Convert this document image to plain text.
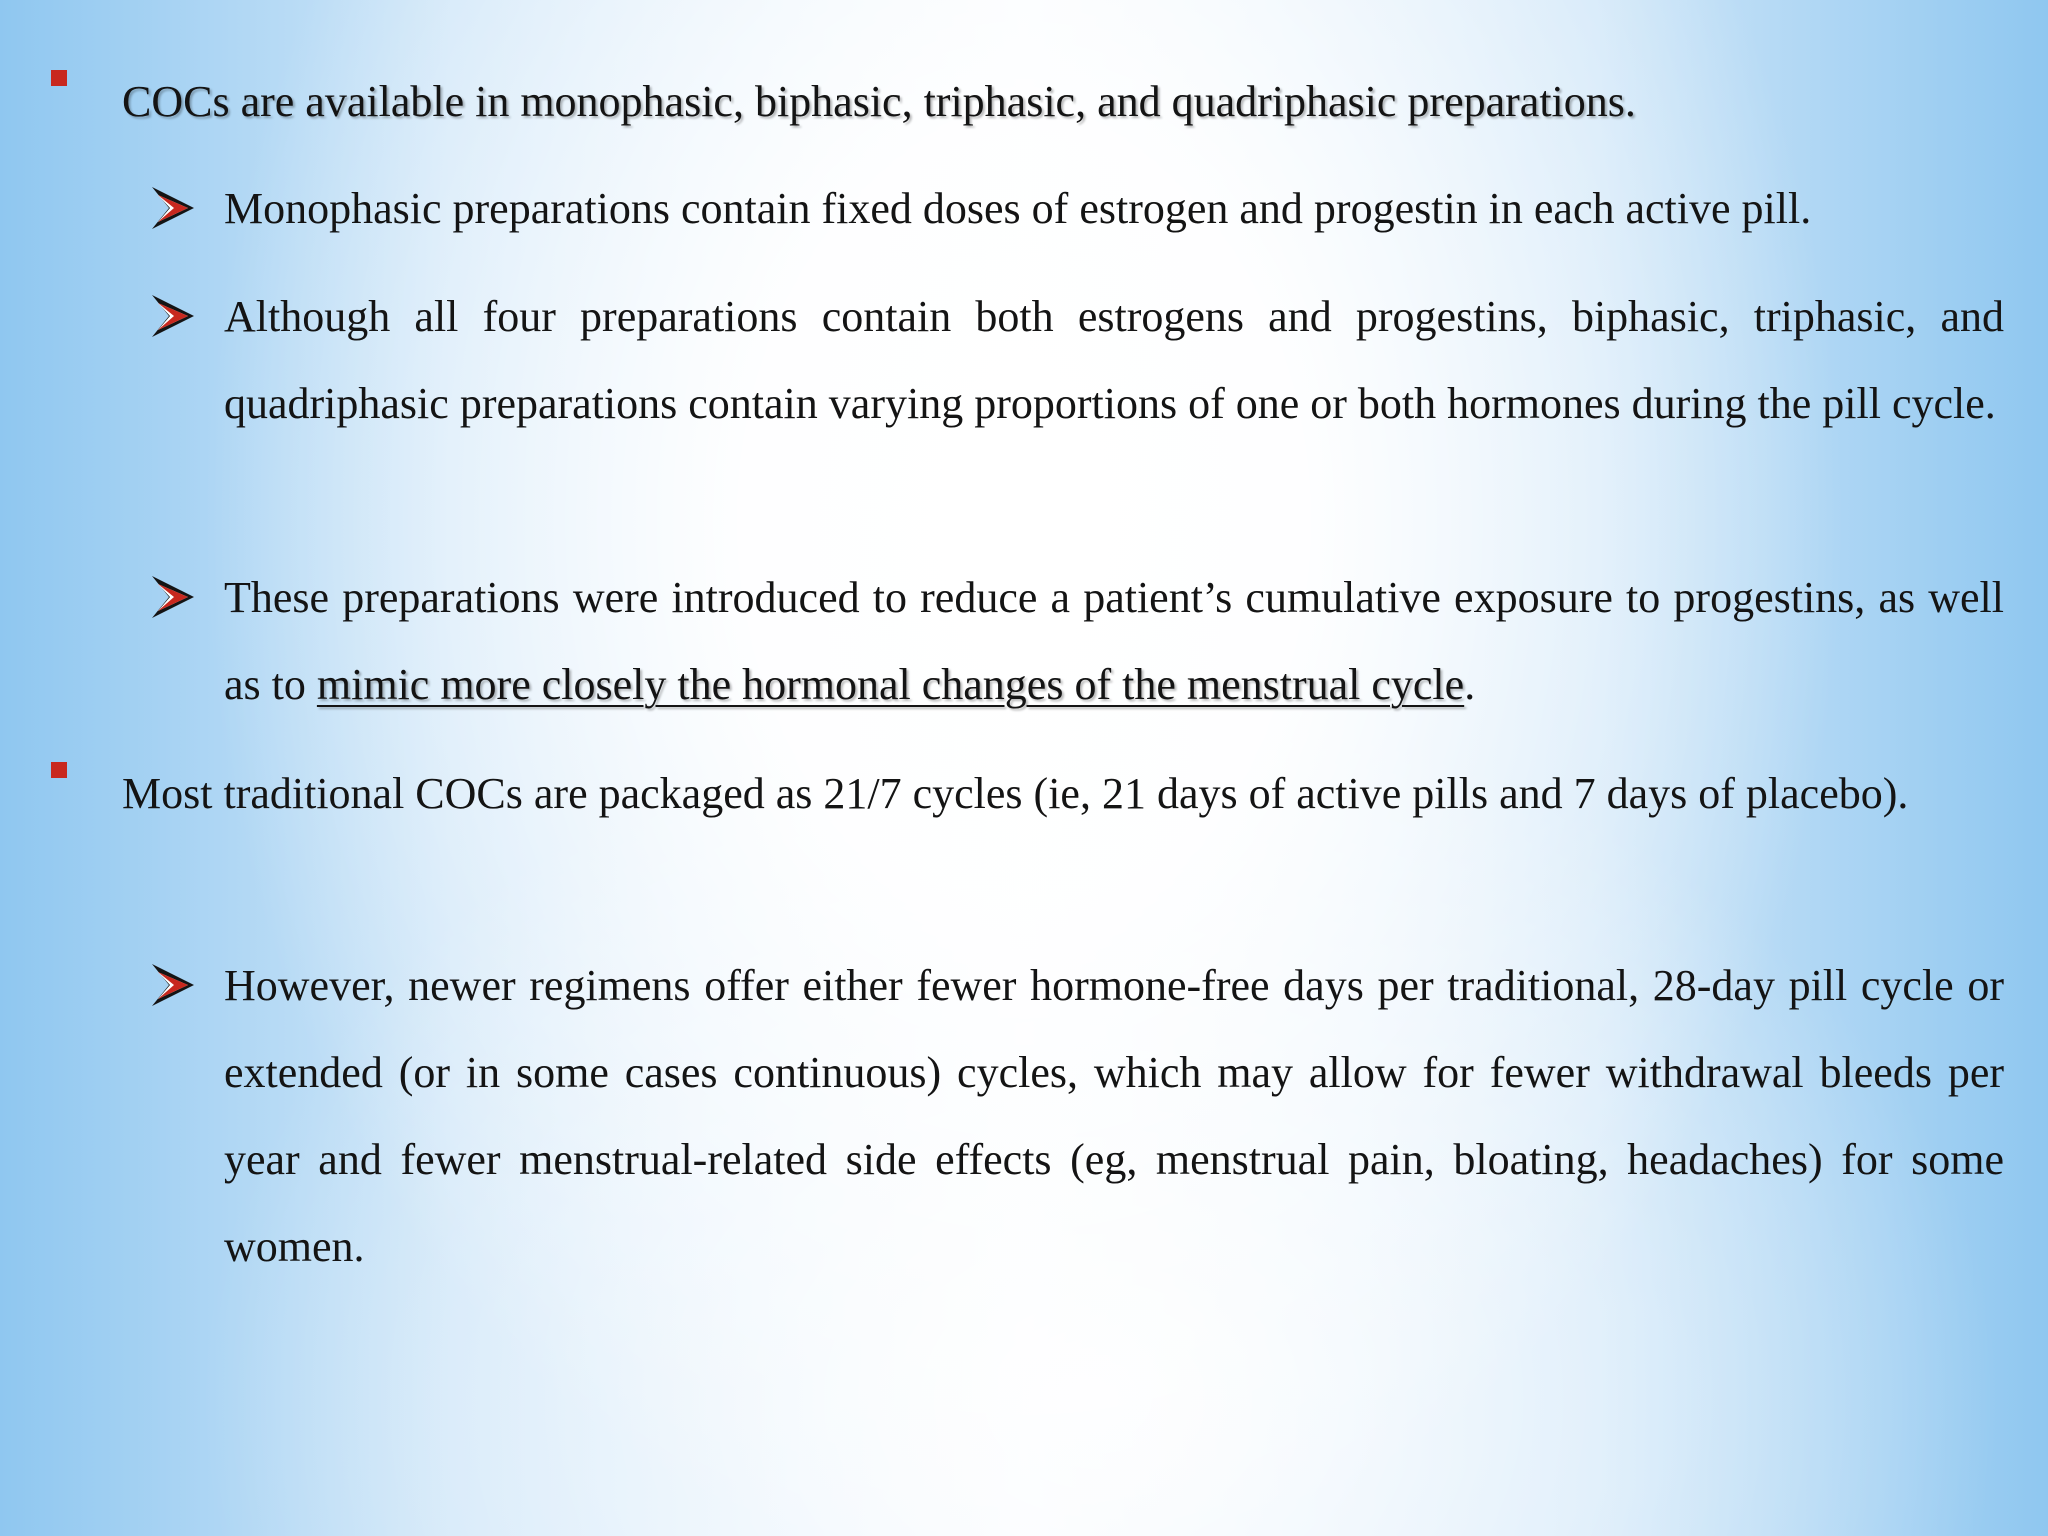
COCs are available in monophasic, biphasic, triphasic, and quadriphasic preparations.
Monophasic preparations contain fixed doses of estrogen and progestin in each active pill.
Although all four preparations contain both estrogens and progestins, biphasic, triphasic, and quadriphasic preparations contain varying proportions of one or both hormones during the pill cycle.
These preparations were introduced to reduce a patient’s cumulative exposure to progestins, as well as to mimic more closely the hormonal changes of the menstrual cycle.
Most traditional COCs are packaged as 21/7 cycles (ie, 21 days of active pills and 7 days of placebo).
However, newer regimens offer either fewer hormone-free days per traditional, 28-day pill cycle or extended (or in some cases continuous) cycles, which may allow for fewer withdrawal bleeds per year and fewer menstrual-related side effects (eg, menstrual pain, bloating, headaches) for some women.
